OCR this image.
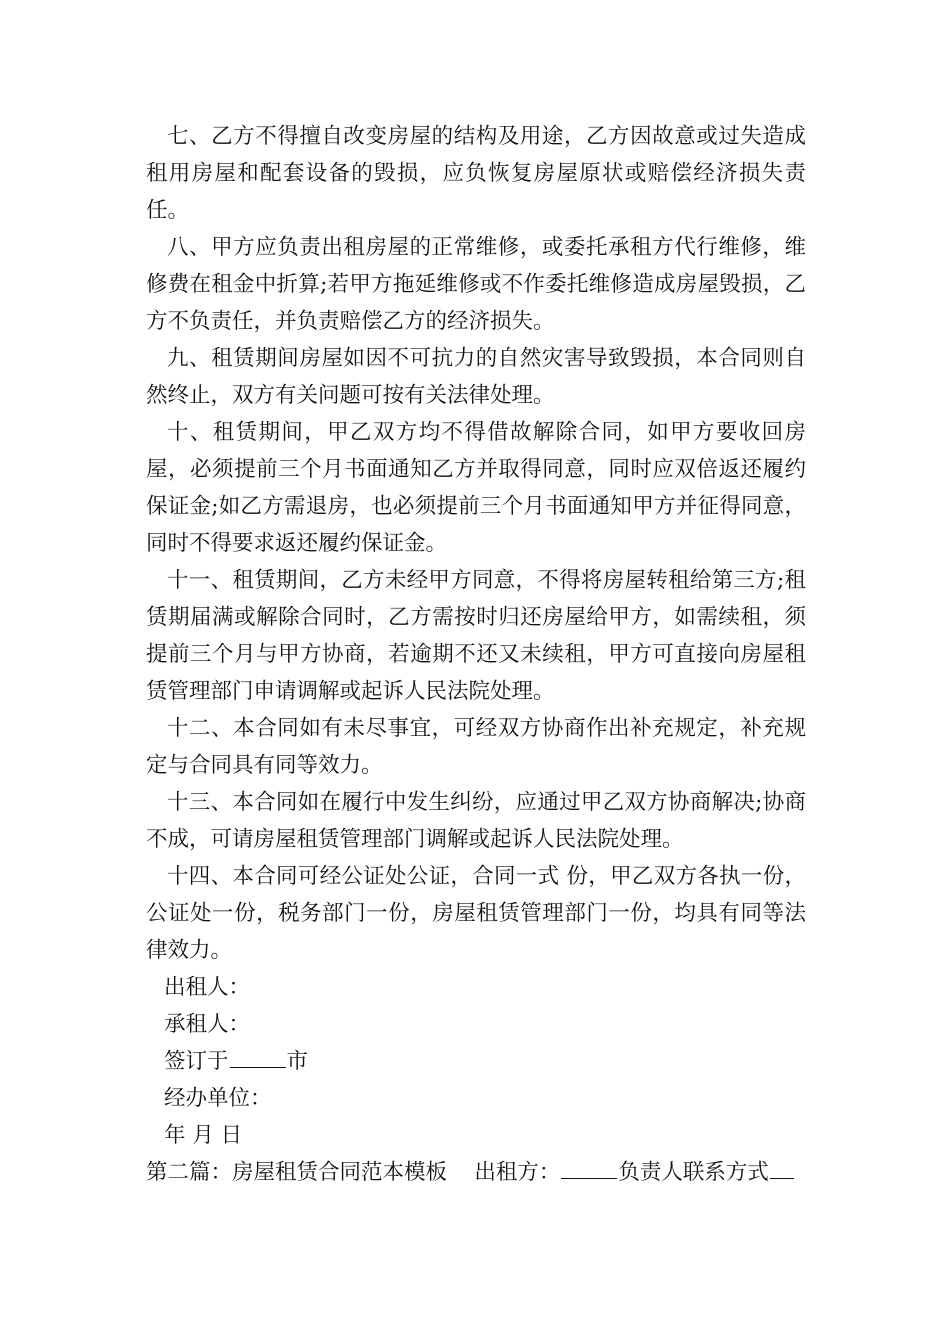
七、乙方不得擅自改变房屋的结构及用途，乙方因故意或过失造成租用房屋和配套设备的毁损，应负恢复房屋原状或赔偿经济损失责任。

八、甲方应负责出租房屋的正常维修，或委托承租方代行维修，维修费在租金中折算;若甲方拖延维修或不作委托维修造成房屋毁损，乙方不负责任，并负责赔偿乙方的经济损失。

九、租赁期间房屋如因不可抗力的自然灾害导致毁损，本合同则自然终止，双方有关问题可按有关法律处理。

十、租赁期间，甲乙双方均不得借故解除合同，如甲方要收回房屋，必须提前三个月书面通知乙方并取得同意，同时应双倍返还履约保证金;如乙方需退房，也必须提前三个月书面通知甲方并征得同意，同时不得要求返还履约保证金。

十一、租赁期间，乙方未经甲方同意，不得将房屋转租给第三方;租赁期届满或解除合同时，乙方需按时归还房屋给甲方，如需续租，须提前三个月与甲方协商，若逾期不还又未续租，甲方可直接向房屋租赁管理部门申请调解或起诉人民法院处理。

十二、本合同如有未尽事宜，可经双方协商作出补充规定，补充规定与合同具有同等效力。

十三、本合同如在履行中发生纠纷，应通过甲乙双方协商解决;协商不成，可请房屋租赁管理部门调解或起诉人民法院处理。

十四、本合同可经公证处公证，合同一式 份，甲乙双方各执一份，公证处一份，税务部门一份，房屋租赁管理部门一份，均具有同等法律效力。

出租人：

承租人：

签订于	市

经办单位：

年 月 日

第二篇：房屋租赁合同范本模板 出租方：	负责人联系方式
